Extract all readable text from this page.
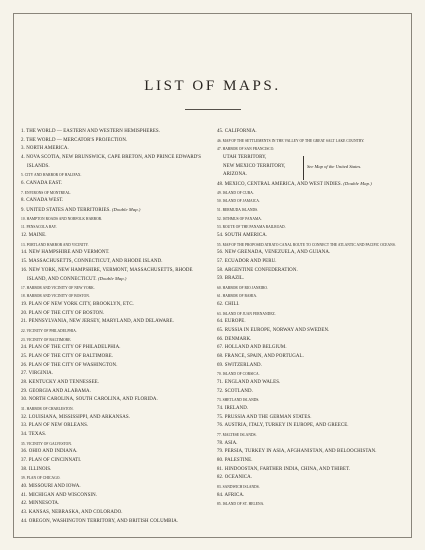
LIST OF MAPS.
1. THE WORLD — EASTERN AND WESTERN HEMISPHERES.
2. THE WORLD — MERCATOR'S PROJECTION.
3. NORTH AMERICA.
4. NOVA SCOTIA, NEW BRUNSWICK, CAPE BRETON, AND PRINCE EDWARD'S
ISLANDS.
5. CITY AND HARBOR OF HALIFAX.
6. CANADA EAST.
7. ENVIRONS OF MONTREAL.
8. CANADA WEST.
9. UNITED STATES AND TERRITORIES. (Double Map.)
10. HAMPTON ROADS AND NORFOLK HARBOR.
11. PENSACOLA BAY.
12. MAINE.
13. PORTLAND HARBOR AND VICINITY.
14. NEW HAMPSHIRE AND VERMONT.
15. MASSACHUSETTS, CONNECTICUT, AND RHODE ISLAND.
16. NEW YORK, NEW HAMPSHIRE, VERMONT, MASSACHUSETTS, RHODE
ISLAND, AND CONNECTICUT. (Double Map.)
17. HARBOR AND VICINITY OF NEW YORK.
18. HARBOR AND VICINITY OF BOSTON.
19. PLAN OF NEW YORK CITY, BROOKLYN, ETC.
20. PLAN OF THE CITY OF BOSTON.
21. PENNSYLVANIA, NEW JERSEY, MARYLAND, AND DELAWARE.
22. VICINITY OF PHILADELPHIA.
23. VICINITY OF BALTIMORE.
24. PLAN OF THE CITY OF PHILADELPHIA.
25. PLAN OF THE CITY OF BALTIMORE.
26. PLAN OF THE CITY OF WASHINGTON.
27. VIRGINIA.
28. KENTUCKY AND TENNESSEE.
29. GEORGIA AND ALABAMA.
30. NORTH CAROLINA, SOUTH CAROLINA, AND FLORIDA.
31. HARBOR OF CHARLESTON.
32. LOUISIANA, MISSISSIPPI, AND ARKANSAS.
33. PLAN OF NEW ORLEANS.
34. TEXAS.
35. VICINITY OF GALVESTON.
36. OHIO AND INDIANA.
37. PLAN OF CINCINNATI.
38. ILLINOIS.
39. PLAN OF CHICAGO.
40. MISSOURI AND IOWA.
41. MICHIGAN AND WISCONSIN.
42. MINNESOTA.
43. KANSAS, NEBRASKA, AND COLORADO.
44. OREGON, WASHINGTON TERRITORY, AND BRITISH COLUMBIA.
45. CALIFORNIA.
46. MAP OF THE SETTLEMENTS IN THE VALLEY OF THE GREAT SALT LAKE COUNTRY.
47. HARBOR OF SAN FRANCISCO.
UTAH TERRITORY,
NEW MEXICO TERRITORY,
ARIZONA.
48. MEXICO, CENTRAL AMERICA, AND WEST INDIES. (Double Map.)
49. ISLAND OF CUBA.
50. ISLAND OF JAMAICA.
51. BERMUDA ISLANDS.
52. ISTHMUS OF PANAMA.
53. ROUTE OF THE PANAMA RAILROAD.
54. SOUTH AMERICA.
55. MAP OF THE PROPOSED ATRATO CANAL ROUTE TO CONNECT THE ATLANTIC AND PACIFIC OCEANS.
56. NEW GRENADA, VENEZUELA, AND GUIANA.
57. ECUADOR AND PERU.
58. ARGENTINE CONFEDERATION.
59. BRAZIL.
60. HARBOR OF RIO JANEIRO.
61. HARBOR OF BAHIA.
62. CHILI.
63. ISLAND OF JUAN FERNANDEZ.
64. EUROPE.
65. RUSSIA IN EUROPE, NORWAY AND SWEDEN.
66. DENMARK.
67. HOLLAND AND BELGIUM.
68. FRANCE, SPAIN, AND PORTUGAL.
69. SWITZERLAND.
70. ISLAND OF CORSICA.
71. ENGLAND AND WALES.
72. SCOTLAND.
73. SHETLAND ISLANDS.
74. IRELAND.
75. PRUSSIA AND THE GERMAN STATES.
76. AUSTRIA, ITALY, TURKEY IN EUROPE, AND GREECE.
77. MALTESE ISLANDS.
78. ASIA.
79. PERSIA, TURKEY IN ASIA, AFGHANISTAN, AND BELOOCHISTAN.
80. PALESTINE.
81. HINDOOSTAN, FARTHER INDIA, CHINA, AND THIBET.
82. OCEANICA.
83. SANDWICH ISLANDS.
84. AFRICA.
85. ISLAND OF ST. HELENA.
See Map of the United States.
